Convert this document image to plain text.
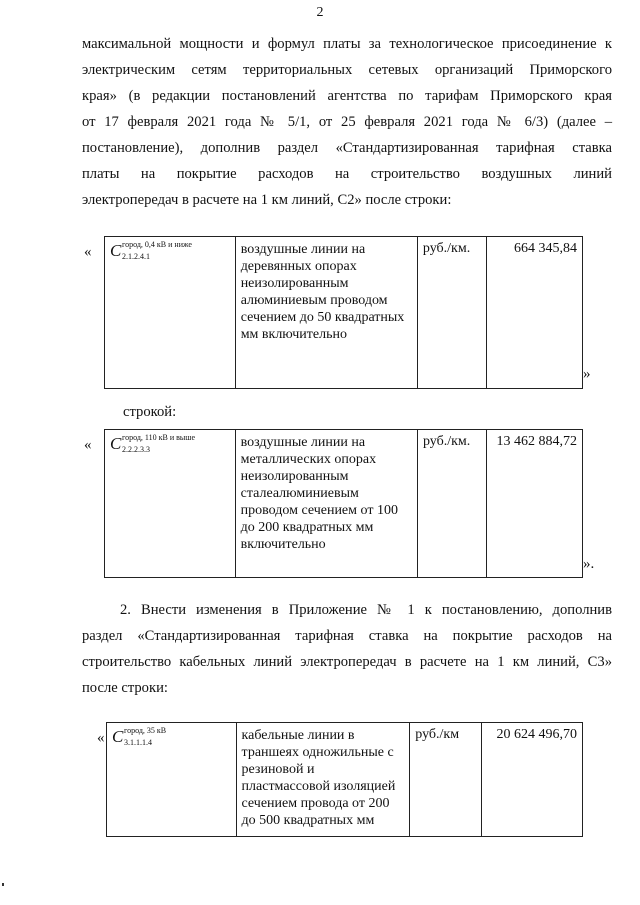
2
максимальной мощности и формул платы за технологическое присоединение к
электрическим сетям территориальных сетевых организаций Приморского
края» (в редакции постановлений агентства по тарифам Приморского края
от 17 февраля 2021 года № 5/1, от 25 февраля 2021 года № 6/3) (далее –
постановление), дополнив раздел «Стандартизированная тарифная ставка
платы на покрытие расходов на строительство воздушных линий
электропередач в расчете на 1 км линий, С2» после строки:
« C город, 0,4 кВ и ниже
2.1.2.4.1	воздушные линии на деревянных опорах неизолированным алюминиевым проводом сечением до 50 квадратных мм включительно	руб./км.	664 345,84
»
строкой:
« C город, 110 кВ и выше
2.2.2.3.3	воздушные линии на металлических опорах неизолированным сталеалюминиевым проводом сечением от 100 до 200 квадратных мм включительно	руб./км.	13 462 884,72
».
2. Внести изменения в Приложение № 1 к постановлению, дополнив
раздел «Стандартизированная тарифная ставка на покрытие расходов на
строительство кабельных линий электропередач в расчете на 1 км линий, С3»
после строки:
« C город, 35 кВ
3.1.1.1.4	кабельные линии в траншеях одножильные с резиновой и пластмассовой изоляцией сечением провода от 200 до 500 квадратных мм	руб./км	20 624 496,70
